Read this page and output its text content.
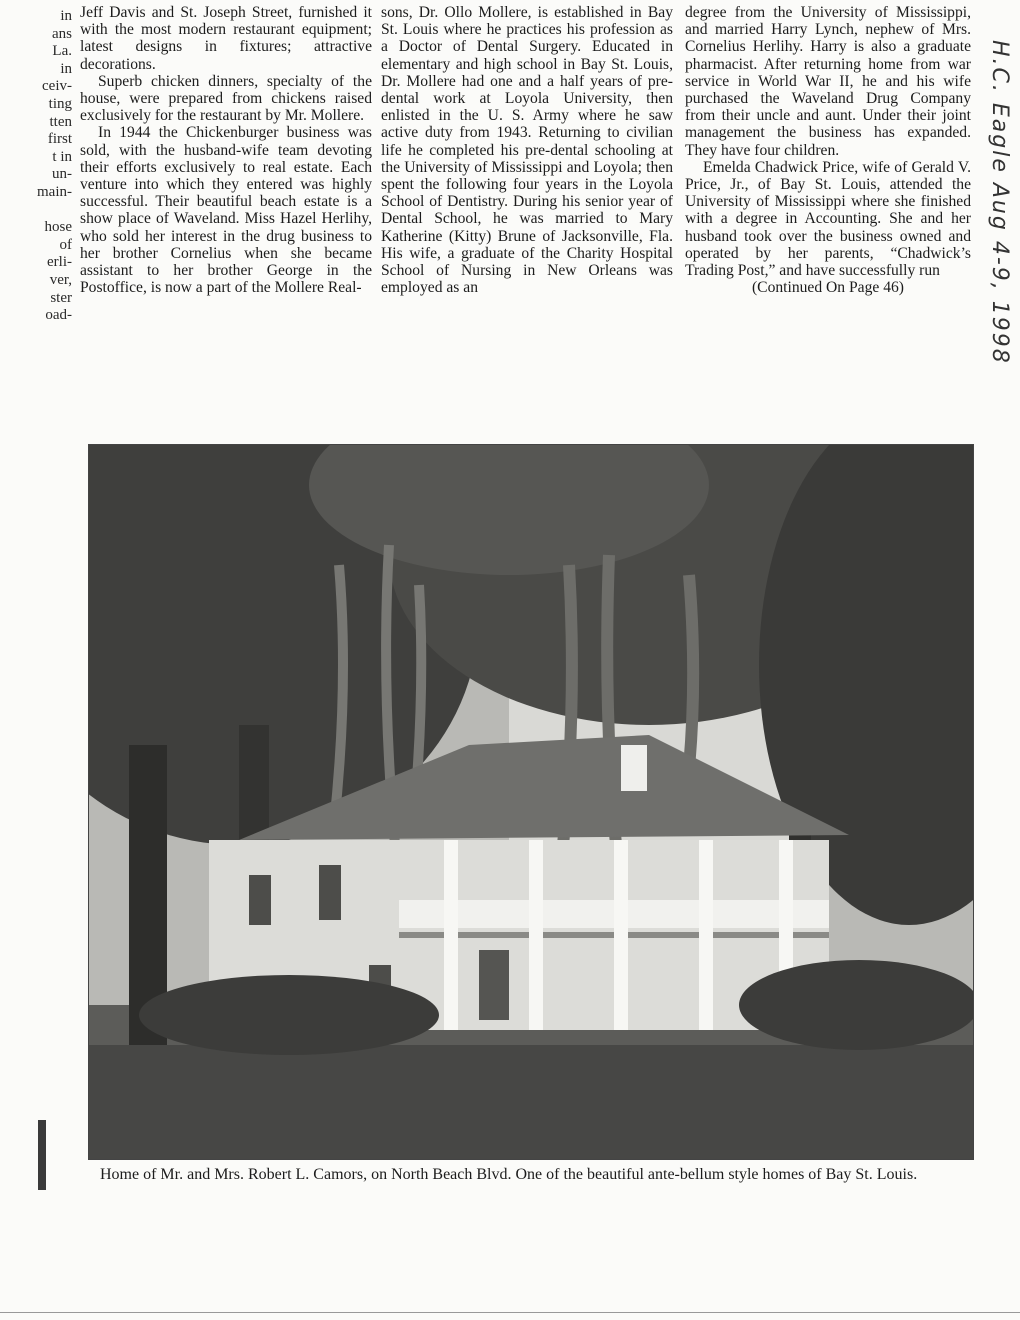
in
ans
La.
in
ceiv-
ting
tten
first
t in
un-
main-

hose
of
erli-
ver,
ster
oad-

Jeff Davis and St. Joseph Street, furnished it with the most modern restaurant equipment; latest designs in fixtures; attractive decorations.

Superb chicken dinners, specialty of the house, were prepared from chickens raised exclusively for the restaurant by Mr. Mollere.

In 1944 the Chickenburger business was sold, with the husband-wife team devoting their efforts exclusively to real estate. Each venture into which they entered was highly successful. Their beautiful beach estate is a show place of Waveland. Miss Hazel Herlihy, who sold her interest in the drug business to her brother Cornelius when she became assistant to her brother George in the Postoffice, is now a part of the Mollere Real-

sons, Dr. Ollo Mollere, is established in Bay St. Louis where he practices his profession as a Doctor of Dental Surgery. Educated in elementary and high school in Bay St. Louis, Dr. Mollere had one and a half years of pre-dental work at Loyola University, then enlisted in the U. S. Army where he saw active duty from 1943. Returning to civilian life he completed his pre-dental schooling at the University of Mississippi and Loyola; then spent the following four years in the Loyola School of Dentistry. During his senior year of Dental School, he was married to Mary Katherine (Kitty) Brune of Jacksonville, Fla. His wife, a graduate of the Charity Hospital School of Nursing in New Orleans was employed as an

degree from the University of Mississippi, and married Harry Lynch, nephew of Mrs. Cornelius Herlihy. Harry is also a graduate pharmacist. After returning home from war service in World War II, he and his wife purchased the Waveland Drug Company from their uncle and aunt. Under their joint management the business has expanded. They have four children.

Emelda Chadwick Price, wife of Gerald V. Price, Jr., of Bay St. Louis, attended the University of Mississippi where she finished with a degree in Accounting. She and her husband took over the business owned and operated by her parents, “Chadwick’s Trading Post,” and have successfully run

(Continued On Page 46)	H.C. Eagle Aug 4-9, 1998
Home of Mr. and Mrs. Robert L. Camors, on North Beach Blvd. One of the beautiful ante-bellum style homes of Bay St. Louis.
